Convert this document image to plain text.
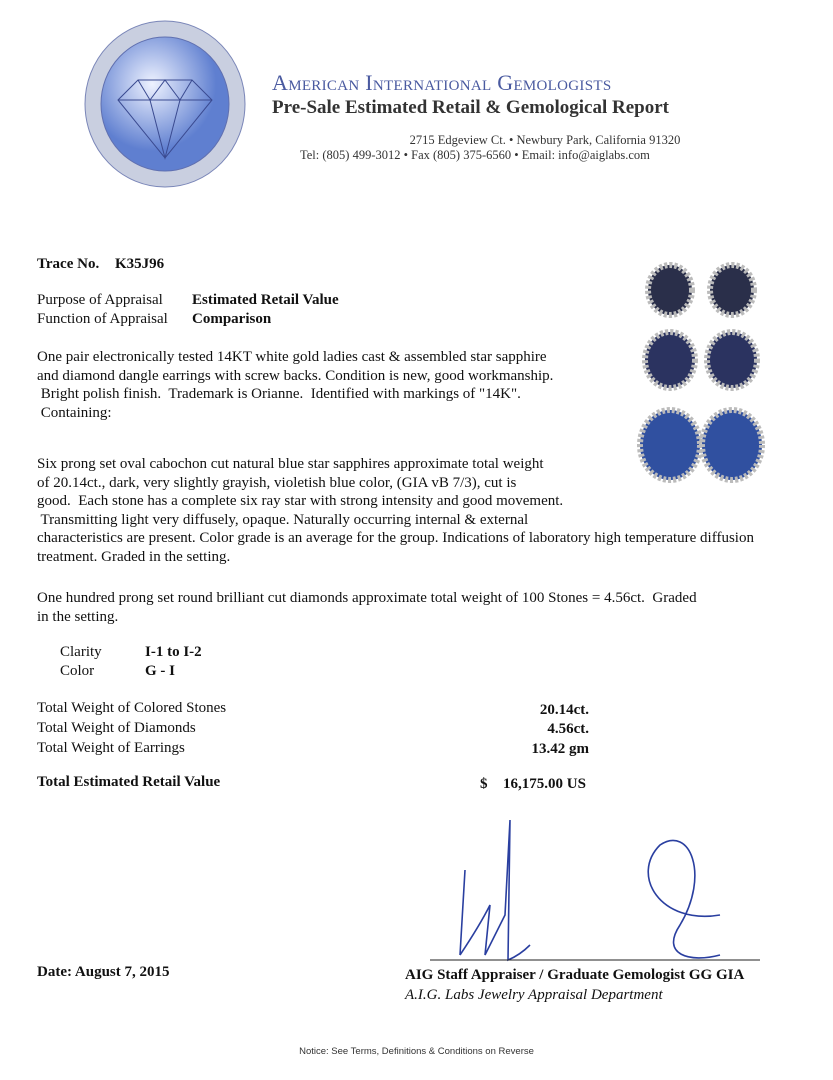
American International Gemologists
Pre-Sale Estimated Retail & Gemological Report
2715 Edgeview Ct. • Newbury Park, California 91320
Tel: (805) 499-3012 • Fax (805) 375-6560 • Email: info@aiglabs.com
Trace No. K35J96
Purpose of Appraisal Estimated Retail Value
Function of Appraisal Comparison
One pair electronically tested 14KT white gold ladies cast & assembled star sapphire
and diamond dangle earrings with screw backs. Condition is new, good workmanship.
Bright polish finish.  Trademark is Orianne.  Identified with markings of "14K".
Containing:
Six prong set oval cabochon cut natural blue star sapphires approximate total weight
of 20.14ct., dark, very slightly grayish, violetish blue color, (GIA vB 7/3), cut is
good.  Each stone has a complete six ray star with strong intensity and good movement.
Transmitting light very diffusely, opaque. Naturally occurring internal & external
characteristics are present. Color grade is an average for the group. Indications of laboratory high temperature diffusion
treatment. Graded in the setting.
One hundred prong set round brilliant cut diamonds approximate total weight of 100 Stones = 4.56ct.  Graded
in the setting.
Clarity	I-1 to I-2
Color	G - I
Total Weight of Colored Stones	20.14ct.
Total Weight of Diamonds	4.56ct.
Total Weight of Earrings	13.42 gm
Total Estimated Retail Value	$ 16,175.00 US
Date: August 7, 2015	AIG Staff Appraiser / Graduate Gemologist GG GIA
A.I.G. Labs Jewelry Appraisal Department
Notice: See Terms, Definitions & Conditions on Reverse
